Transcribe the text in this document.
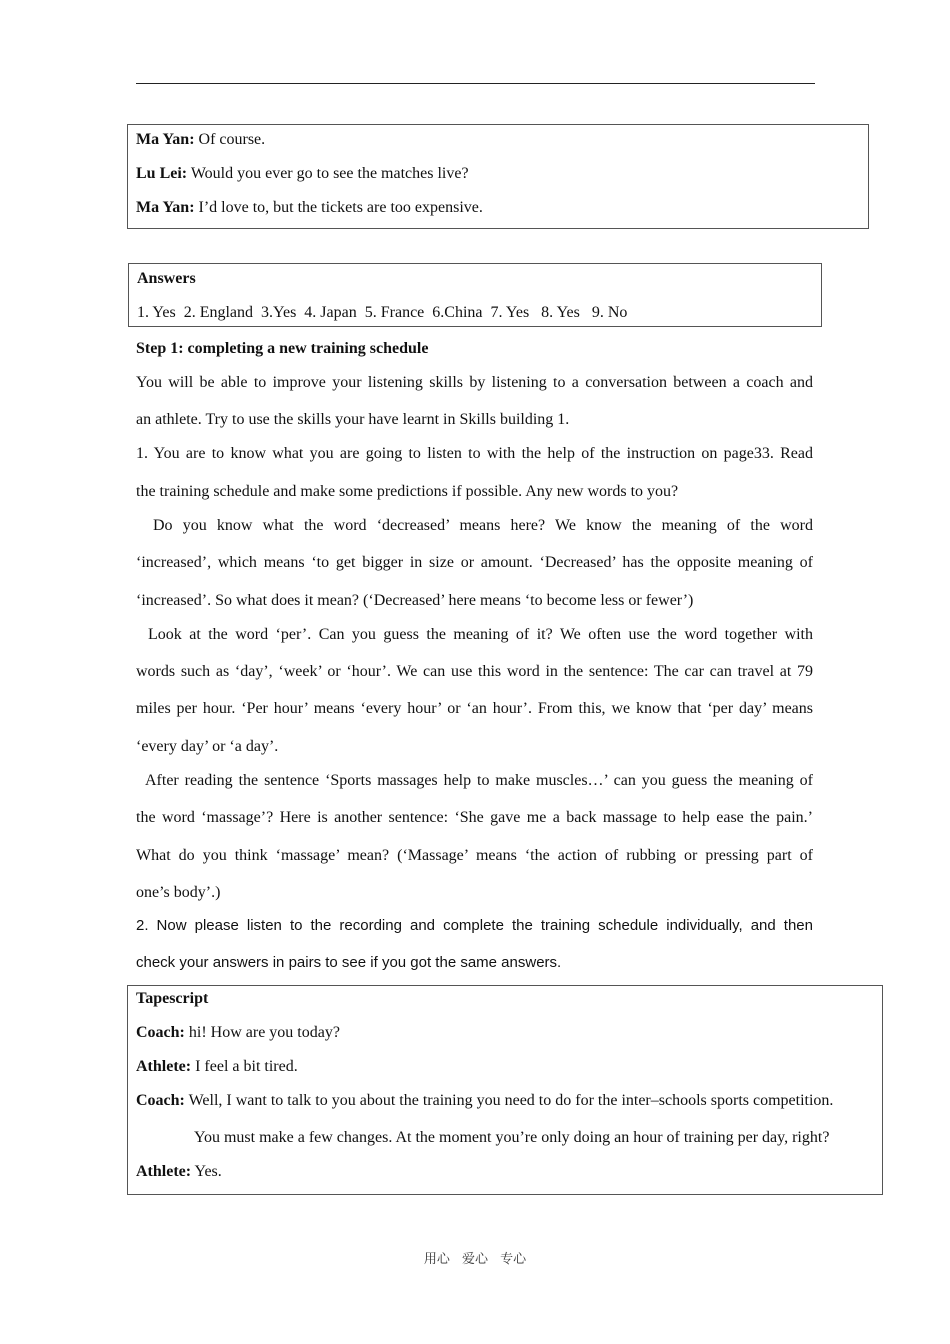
Ma Yan: Of course.
Lu Lei: Would you ever go to see the matches live?
Ma Yan: I’d love to, but the tickets are too expensive.
Answers
1. Yes 2. England 3.Yes 4. Japan 5. France 6.China 7. Yes 8. Yes 9. No
Step 1: completing a new training schedule
You will be able to improve your listening skills by listening to a conversation between a coach and
an athlete. Try to use the skills your have learnt in Skills building 1.
1. You are to know what you are going to listen to with the help of the instruction on page33. Read
the training schedule and make some predictions if possible. Any new words to you?
Do you know what the word ‘decreased’ means here? We know the meaning of the word
‘increased’, which means ‘to get bigger in size or amount. ‘Decreased’ has the opposite meaning of
‘increased’. So what does it mean? (‘Decreased’ here means ‘to become less or fewer’)
Look at the word ‘per’. Can you guess the meaning of it? We often use the word together with
words such as ‘day’, ‘week’ or ‘hour’. We can use this word in the sentence: The car can travel at 79
miles per hour. ‘Per hour’ means ‘every hour’ or ‘an hour’. From this, we know that ‘per day’ means
‘every day’ or ‘a day’.
After reading the sentence ‘Sports massages help to make muscles…’ can you guess the meaning of
the word ‘massage’? Here is another sentence: ‘She gave me a back massage to help ease the pain.’
What do you think ‘massage’ mean? (‘Massage’ means ‘the action of rubbing or pressing part of
one’s body’.)
2. Now please listen to the recording and complete the training schedule individually, and then
check your answers in pairs to see if you got the same answers.
Tapescript
Coach: hi! How are you today?
Athlete: I feel a bit tired.
Coach: Well, I want to talk to you about the training you need to do for the inter–schools sports competition.
You must make a few changes. At the moment you’re only doing an hour of training per day, right?
Athlete: Yes.
用心 爱心 专心
